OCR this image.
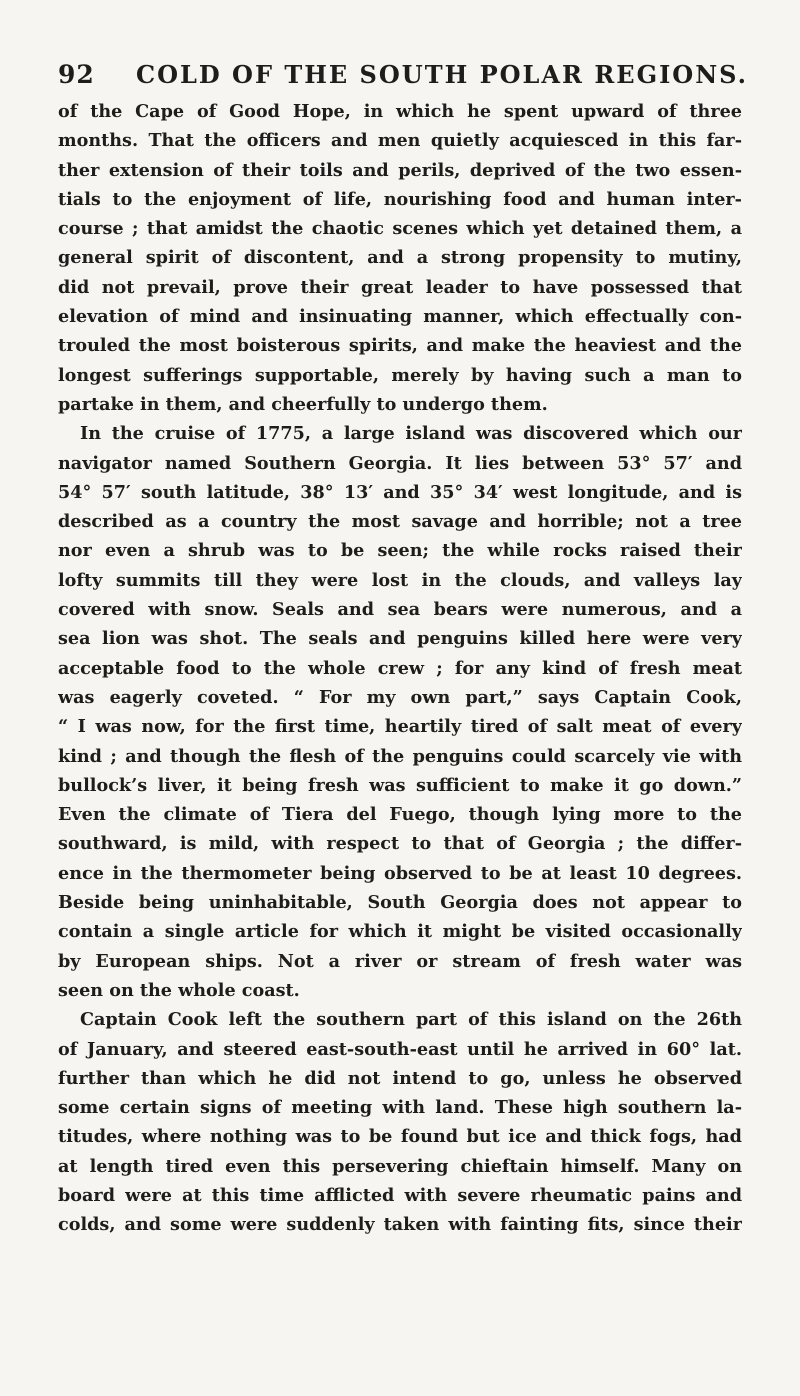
92 COLD OF THE SOUTH POLAR REGIONS.
of the Cape of Good Hope, in which he spent upward of three
months. That the officers and men quietly acquiesced in this far-
ther extension of their toils and perils, deprived of the two essen-
tials to the enjoyment of life, nourishing food and human inter-
course ; that amidst the chaotic scenes which yet detained them, a
general spirit of discontent, and a strong propensity to mutiny,
did not prevail, prove their great leader to have possessed that
elevation of mind and insinuating manner, which effectually con-
trouled the most boisterous spirits, and make the heaviest and the
longest sufferings supportable, merely by having such a man to
partake in them, and cheerfully to undergo them.
In the cruise of 1775, a large island was discovered which our
navigator named Southern Georgia. It lies between 53° 57′ and
54° 57′ south latitude, 38° 13′ and 35° 34′ west longitude, and is
described as a country the most savage and horrible; not a tree
nor even a shrub was to be seen; the while rocks raised their
lofty summits till they were lost in the clouds, and valleys lay
covered with snow. Seals and sea bears were numerous, and a
sea lion was shot. The seals and penguins killed here were very
acceptable food to the whole crew ; for any kind of fresh meat
was eagerly coveted. “ For my own part,” says Captain Cook,
“ I was now, for the first time, heartily tired of salt meat of every
kind ; and though the flesh of the penguins could scarcely vie with
bullock’s liver, it being fresh was sufficient to make it go down.”
Even the climate of Tiera del Fuego, though lying more to the
southward, is mild, with respect to that of Georgia ; the differ-
ence in the thermometer being observed to be at least 10 degrees.
Beside being uninhabitable, South Georgia does not appear to
contain a single article for which it might be visited occasionally
by European ships. Not a river or stream of fresh water was
seen on the whole coast.
Captain Cook left the southern part of this island on the 26th
of January, and steered east-south-east until he arrived in 60° lat.
further than which he did not intend to go, unless he observed
some certain signs of meeting with land. These high southern la-
titudes, where nothing was to be found but ice and thick fogs, had
at length tired even this persevering chieftain himself. Many on
board were at this time afflicted with severe rheumatic pains and
colds, and some were suddenly taken with fainting fits, since their
